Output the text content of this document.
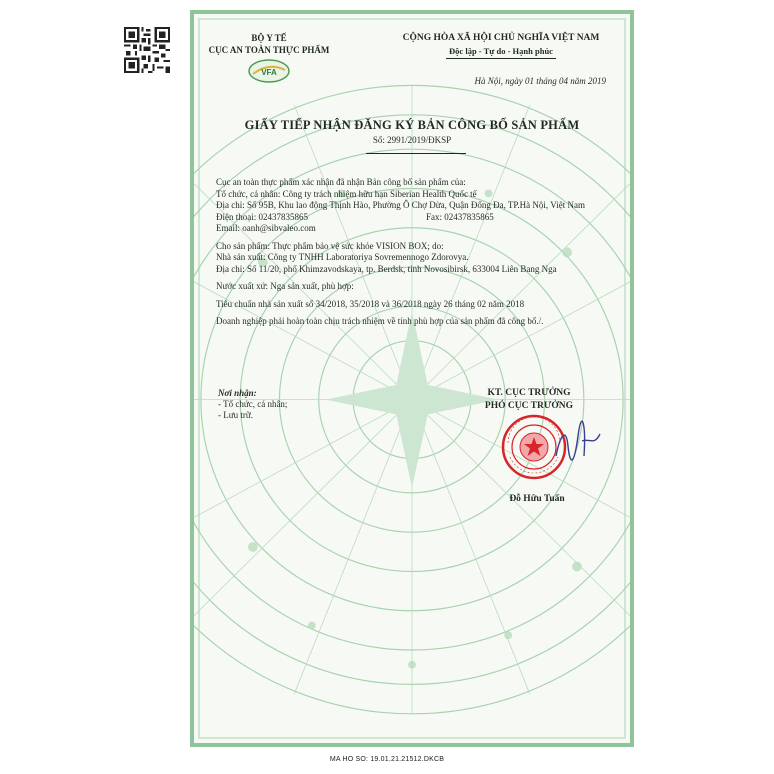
BỘ Y TẾ
CỤC AN TOÀN THỰC PHẨM
VFA
CỘNG HÒA XÃ HỘI CHỦ NGHĨA VIỆT NAM
Độc lập - Tự do - Hạnh phúc
Hà Nội, ngày 01 tháng 04 năm 2019
GIẤY TIẾP NHẬN ĐĂNG KÝ BẢN CÔNG BỐ SẢN PHẨM
Số: 2991/2019/ĐKSP

Cục an toàn thực phẩm xác nhận đã nhận Bản công bố sản phẩm của:

Tổ chức, cá nhân: Công ty trách nhiệm hữu hạn Siberian Health Quốc tế

Địa chỉ: Số 95B, Khu lao động Thịnh Hào, Phường Ô Chợ Dừa, Quận Đống Đa, TP.Hà Nội, Việt Nam

Điện thoại: 02437835865	Fax: 02437835865

Email: oanh@sibvaleo.com

Cho sản phẩm: Thực phẩm bảo vệ sức khỏe VISION BOX; do:

Nhà sản xuất: Công ty TNHH Laboratoriya Sovremennogo Zdorovya.

Địa chỉ: Số 11/20, phố Khimzavodskaya, tp. Berdsk, tỉnh Novosibirsk, 633004 Liên Bang Nga

Nước xuất xứ: Nga sản xuất, phù hợp:

Tiêu chuẩn nhà sản xuất số 34/2018, 35/2018 và 36/2018 ngày 26 tháng 02 năm 2018

Doanh nghiệp phải hoàn toàn chịu trách nhiệm về tính phù hợp của sản phẩm đã công bố./.

Nơi nhận:
- Tổ chức, cá nhân;
- Lưu trữ.
KT. CỤC TRƯỞNG
PHÓ CỤC TRƯỞNG
Đỗ Hữu Tuấn
MA HO SO: 19.01.21.21512.DKCB
